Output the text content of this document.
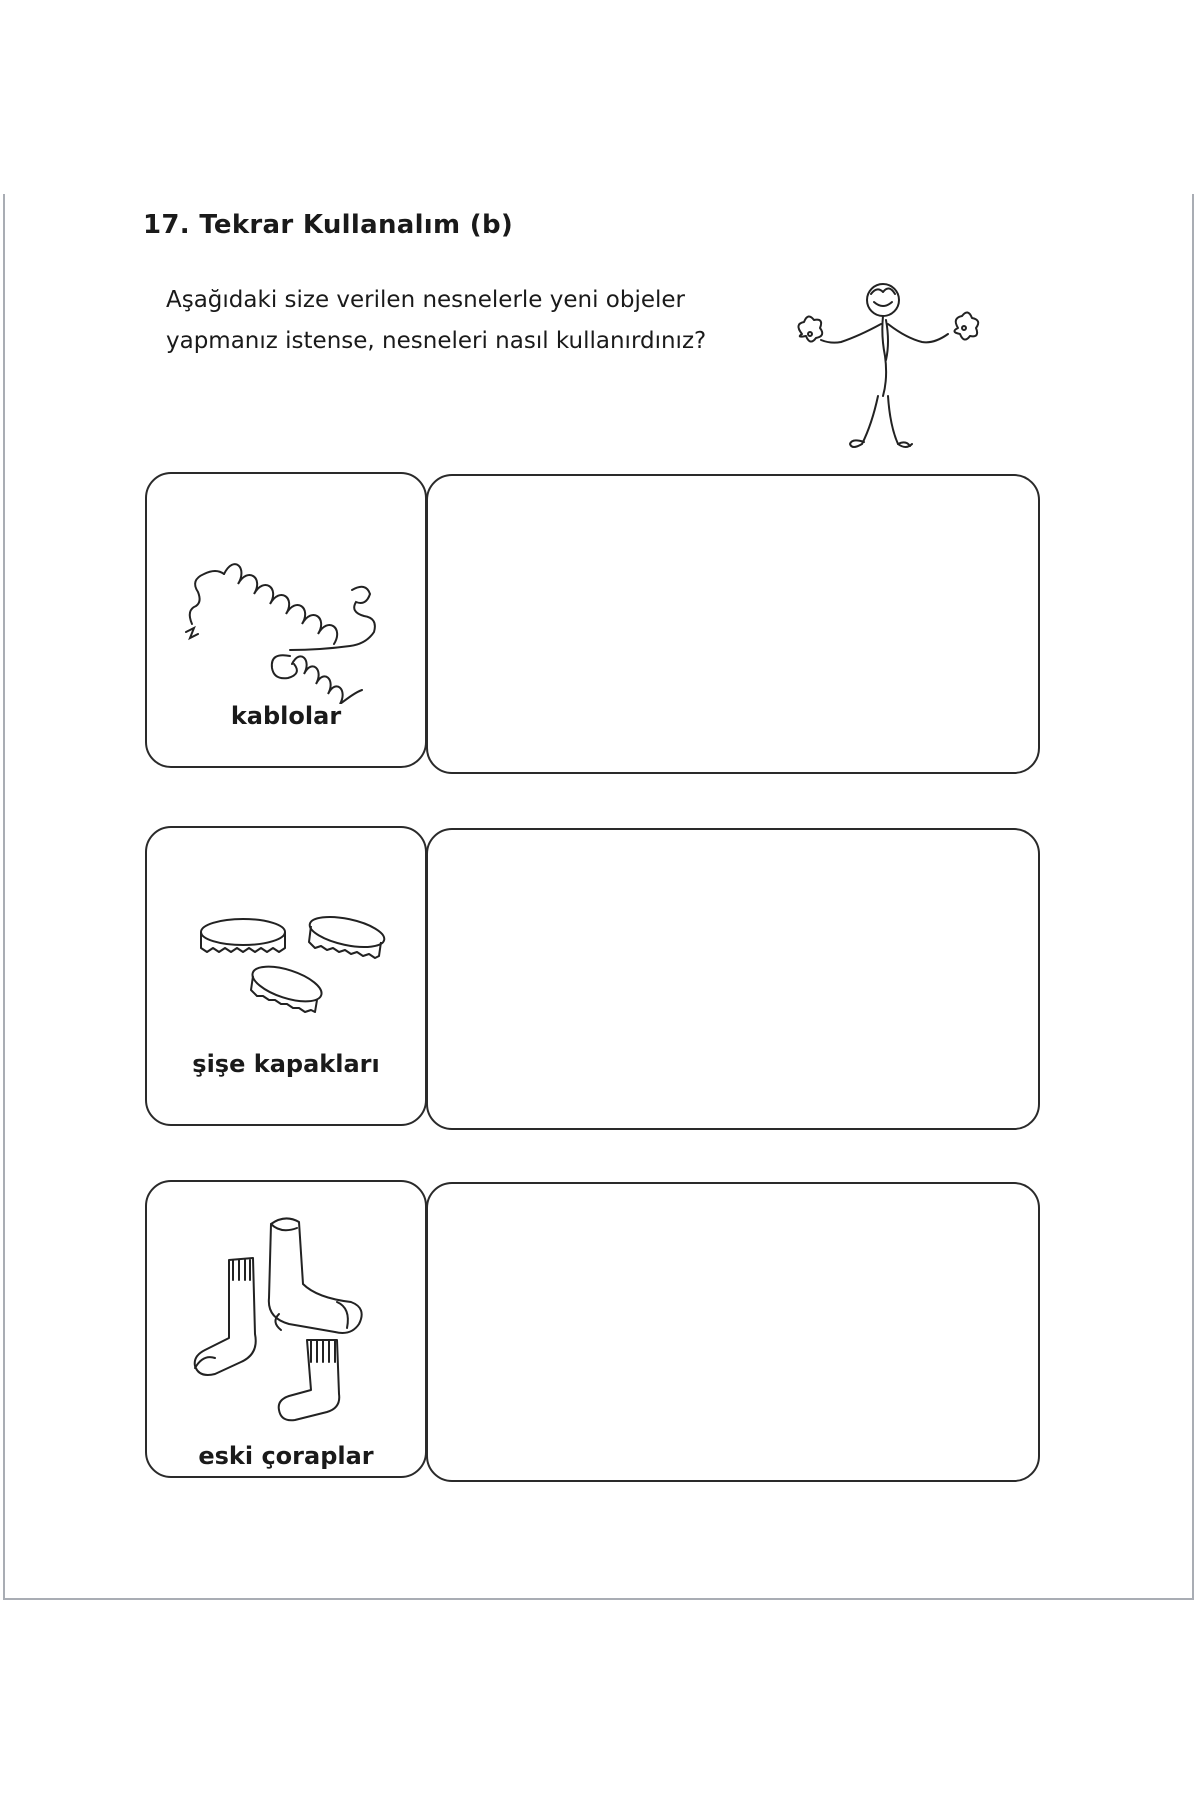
17. Tekrar Kullanalım (b)
Aşağıdaki size verilen nesnelerle yeni objeler
yapmanız istense, nesneleri nasıl kullanırdınız?
kablolar
şişe kapakları
eski çoraplar
